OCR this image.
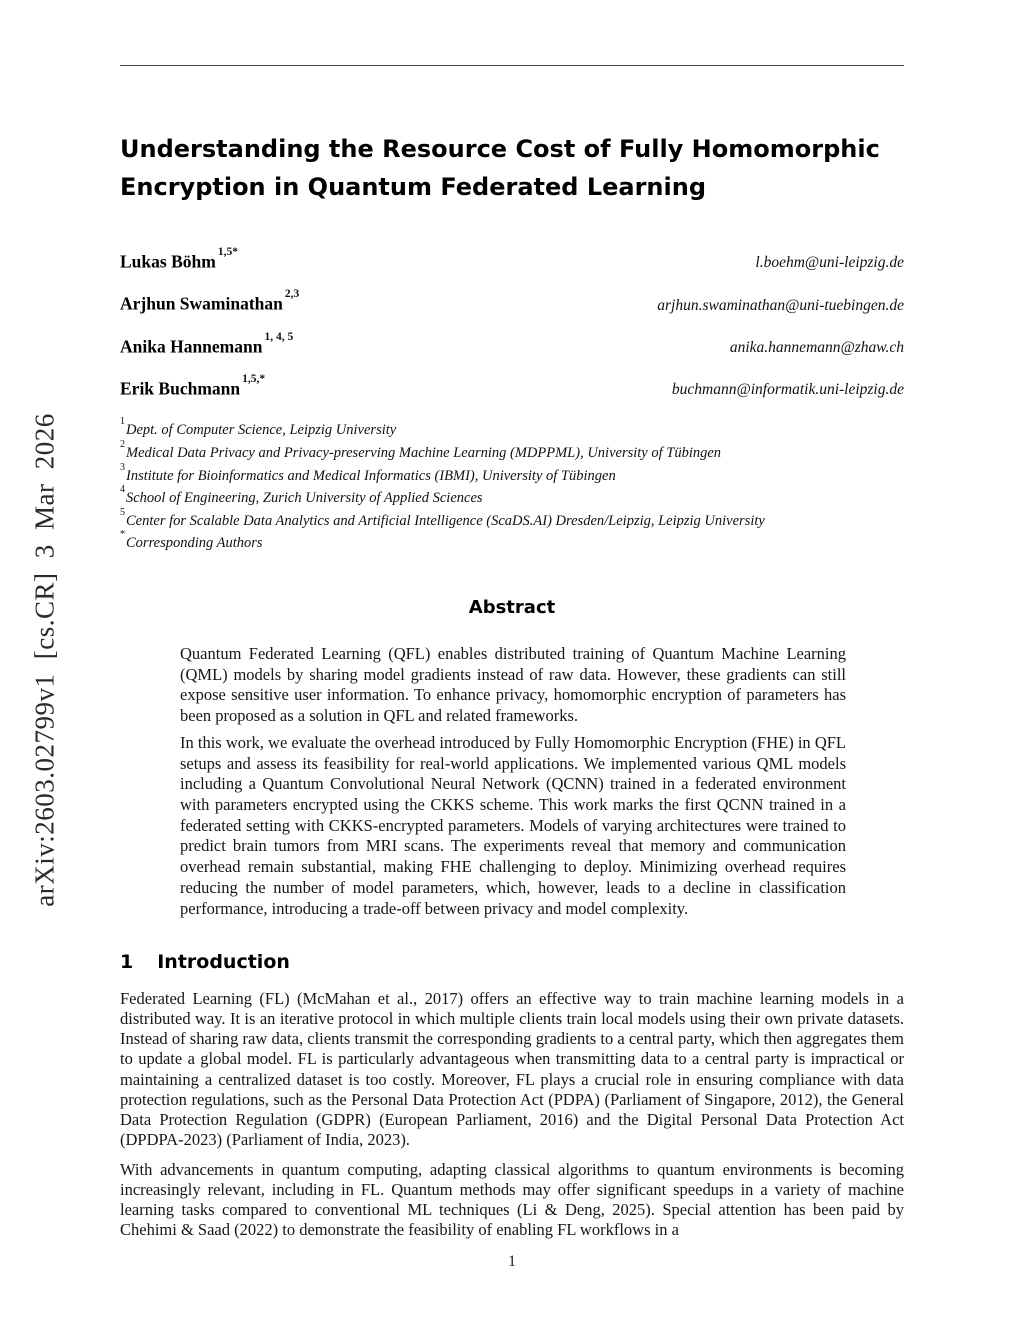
arXiv:2603.02799v1 [cs.CR] 3 Mar 2026
Understanding the Resource Cost of Fully Homomorphic Encryption in Quantum Federated Learning
Lukas Böhm $^{1,5*}$
l.boehm@uni-leipzig.de
Arjhun Swaminathan $^{2,3}$
arjhun.swaminathan@uni-tuebingen.de
Anika Hannemann $^{1, 4, 5}$
anika.hannemann@zhaw.ch
Erik Buchmann $^{1,5,*}$
buchmann@informatik.uni-leipzig.de
$^1$Dept. of Computer Science, Leipzig University
$^2$Medical Data Privacy and Privacy-preserving Machine Learning (MDPPML), University of Tübingen
$^3$Institute for Bioinformatics and Medical Informatics (IBMI), University of Tübingen
$^4$School of Engineering, Zurich University of Applied Sciences
$^5$Center for Scalable Data Analytics and Artificial Intelligence (ScaDS.AI) Dresden/Leipzig, Leipzig University
*Corresponding Authors
Abstract

Quantum Federated Learning (QFL) enables distributed training of Quantum Machine Learning (QML) models by sharing model gradients instead of raw data. However, these gradients can still expose sensitive user information. To enhance privacy, homomorphic encryption of parameters has been proposed as a solution in QFL and related frameworks.

In this work, we evaluate the overhead introduced by Fully Homomorphic Encryption (FHE) in QFL setups and assess its feasibility for real-world applications. We implemented various QML models including a Quantum Convolutional Neural Network (QCNN) trained in a federated environment with parameters encrypted using the CKKS scheme. This work marks the first QCNN trained in a federated setting with CKKS-encrypted parameters. Models of varying architectures were trained to predict brain tumors from MRI scans. The experiments reveal that memory and communication overhead remain substantial, making FHE challenging to deploy. Minimizing overhead requires reducing the number of model parameters, which, however, leads to a decline in classification performance, introducing a trade-off between privacy and model complexity.

1 Introduction

Federated Learning (FL) (McMahan et al., 2017) offers an effective way to train machine learning models in a distributed way. It is an iterative protocol in which multiple clients train local models using their own private datasets. Instead of sharing raw data, clients transmit the corresponding gradients to a central party, which then aggregates them to update a global model. FL is particularly advantageous when transmitting data to a central party is impractical or maintaining a centralized dataset is too costly. Moreover, FL plays a crucial role in ensuring compliance with data protection regulations, such as the Personal Data Protection Act (PDPA) (Parliament of Singapore, 2012), the General Data Protection Regulation (GDPR) (European Parliament, 2016) and the Digital Personal Data Protection Act (DPDPA-2023) (Parliament of India, 2023).

With advancements in quantum computing, adapting classical algorithms to quantum environments is becoming increasingly relevant, including in FL. Quantum methods may offer significant speedups in a variety of machine learning tasks compared to conventional ML techniques (Li & Deng, 2025). Special attention has been paid by Chehimi & Saad (2022) to demonstrate the feasibility of enabling FL workflows in a

1
